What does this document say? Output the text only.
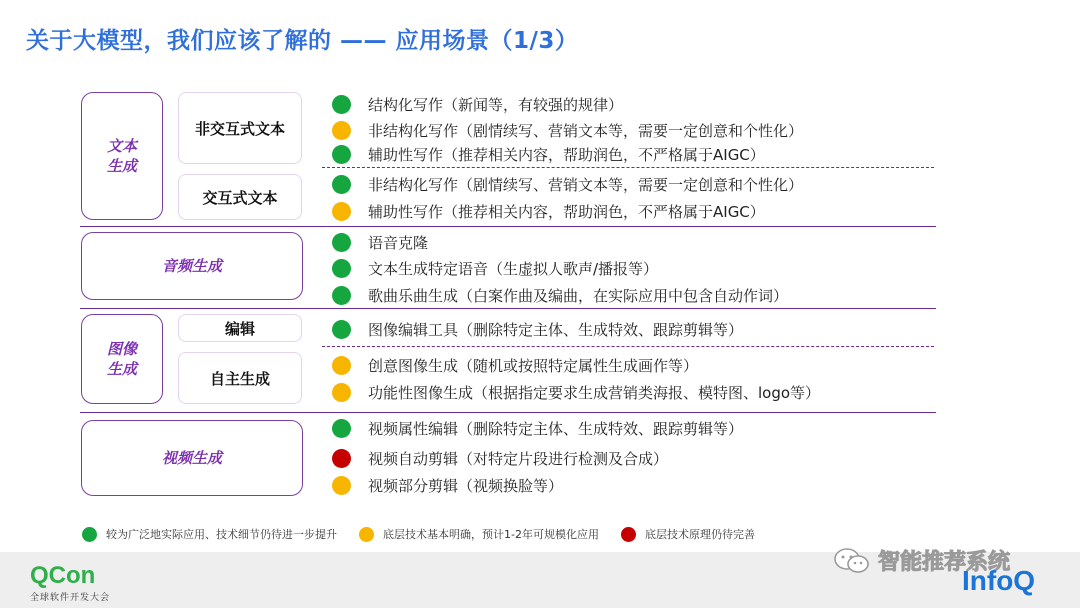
关于大模型，我们应该了解的 —— 应用场景（1/3）
文本
生成
音频生成
图像
生成
视频生成
非交互式文本
交互式文本
编辑
自主生成
结构化写作（新闻等，有较强的规律）
非结构化写作（剧情续写、营销文本等，需要一定创意和个性化）
辅助性写作（推荐相关内容，帮助润色，不严格属于AIGC）
非结构化写作（剧情续写、营销文本等，需要一定创意和个性化）
辅助性写作（推荐相关内容，帮助润色，不严格属于AIGC）
语音克隆
文本生成特定语音（生虚拟人歌声/播报等）
歌曲乐曲生成（白案作曲及编曲，在实际应用中包含自动作词）
图像编辑工具（删除特定主体、生成特效、跟踪剪辑等）
创意图像生成（随机或按照特定属性生成画作等）
功能性图像生成（根据指定要求生成营销类海报、模特图、logo等）
视频属性编辑（删除特定主体、生成特效、跟踪剪辑等）
视频自动剪辑（对特定片段进行检测及合成）
视频部分剪辑（视频换脸等）
较为广泛地实际应用、技术细节仍待进一步提升	底层技术基本明确，预计1-2年可规模化应用	底层技术原理仍待完善
QCon
全球软件开发大会
智能推荐系统
InfoQ
